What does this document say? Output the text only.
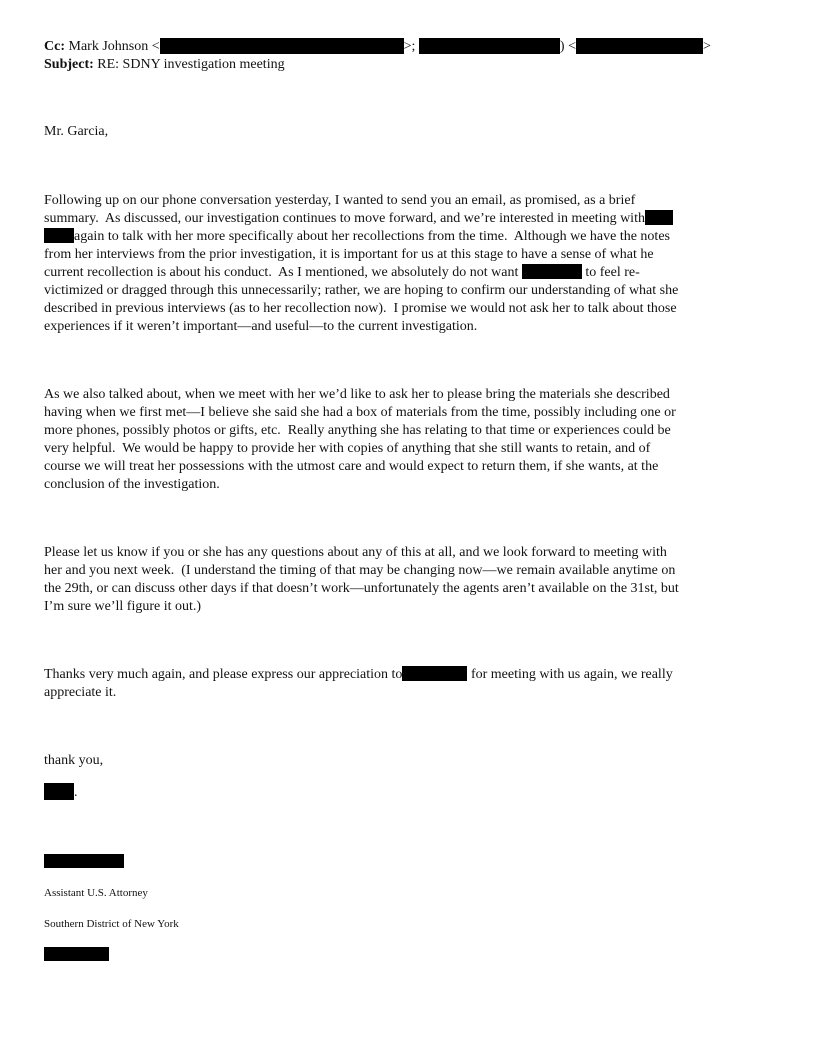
Cc: Mark Johnson <	>;	) <	>
Subject: RE: SDNY investigation meeting
Mr. Garcia,
Following up on our phone conversation yesterday, I wanted to send you an email, as promised, as a brief
summary.  As discussed, our investigation continues to move forward, and we’re interested in meeting with
again to talk with her more specifically about her recollections from the time.  Although we have the notes
from her interviews from the prior investigation, it is important for us at this stage to have a sense of what he
current recollection is about his conduct.  As I mentioned, we absolutely do not want	to feel re-
victimized or dragged through this unnecessarily; rather, we are hoping to confirm our understanding of what she
described in previous interviews (as to her recollection now).  I promise we would not ask her to talk about those
experiences if it weren’t important—and useful—to the current investigation.
As we also talked about, when we meet with her we’d like to ask her to please bring the materials she described
having when we first met—I believe she said she had a box of materials from the time, possibly including one or
more phones, possibly photos or gifts, etc.  Really anything she has relating to that time or experiences could be
very helpful.  We would be happy to provide her with copies of anything that she still wants to retain, and of
course we will treat her possessions with the utmost care and would expect to return them, if she wants, at the
conclusion of the investigation.
Please let us know if you or she has any questions about any of this at all, and we look forward to meeting with
her and you next week.  (I understand the timing of that may be changing now—we remain available anytime on
the 29th, or can discuss other days if that doesn’t work—unfortunately the agents aren’t available on the 31st, but
I’m sure we’ll figure it out.)
Thanks very much again, and please express our appreciation to	for meeting with us again, we really
appreciate it.
thank you,
.
Assistant U.S. Attorney
Southern District of New York
